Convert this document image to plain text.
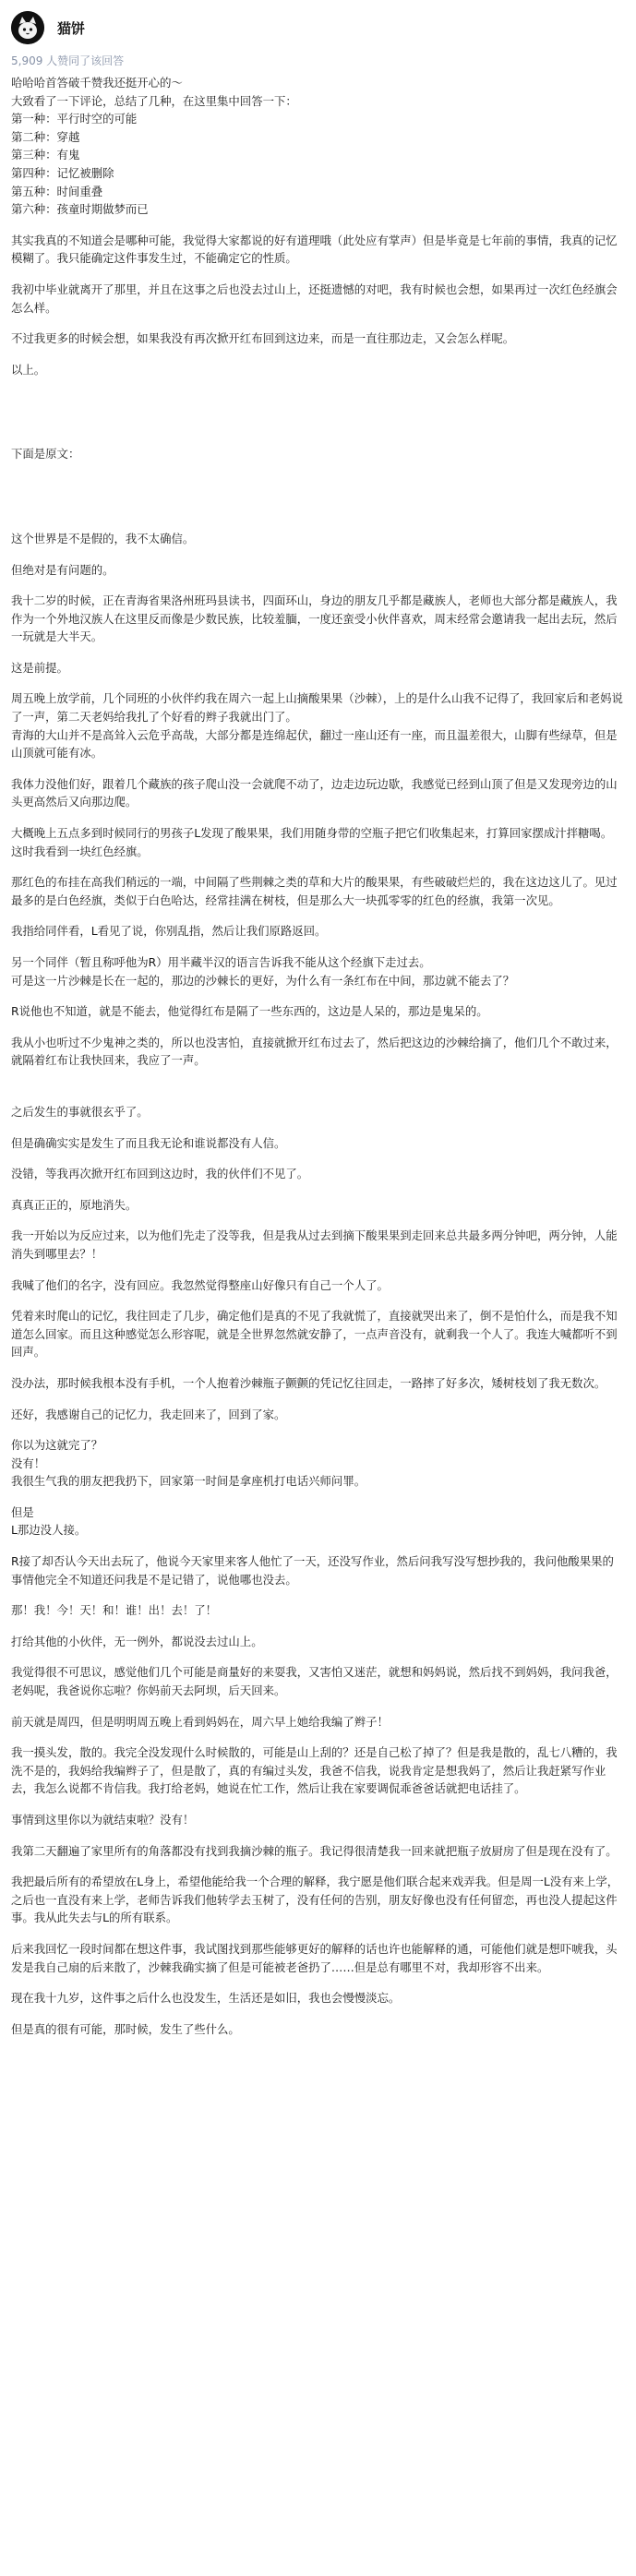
猫饼
5,909 人赞同了该回答

哈哈哈首答破千赞我还挺开心的～

大致看了一下评论，总结了几种，在这里集中回答一下：

第一种：平行时空的可能

第二种：穿越

第三种：有鬼

第四种：记忆被删除

第五种：时间重叠

第六种：孩童时期做梦而已

其实我真的不知道会是哪种可能，我觉得大家都说的好有道理哦（此处应有掌声）但是毕竟是七年前的事情，我真的记忆模糊了。我只能确定这件事发生过，不能确定它的性质。

我初中毕业就离开了那里，并且在这事之后也没去过山上，还挺遗憾的对吧，我有时候也会想，如果再过一次红色经旗会怎么样。

不过我更多的时候会想，如果我没有再次掀开红布回到这边来，而是一直往那边走，又会怎么样呢。

以上。

下面是原文：

这个世界是不是假的，我不太确信。

但绝对是有问题的。

我十二岁的时候，正在青海省果洛州班玛县读书，四面环山，身边的朋友几乎都是藏族人，老师也大部分都是藏族人，我作为一个外地汉族人在这里反而像是少数民族，比较羞腼，一度还蛮受小伙伴喜欢，周末经常会邀请我一起出去玩，然后一玩就是大半天。

这是前提。

周五晚上放学前，几个同班的小伙伴约我在周六一起上山摘酸果果（沙棘），上的是什么山我不记得了，我回家后和老妈说了一声，第二天老妈给我扎了个好看的辫子我就出门了。

青海的大山并不是高耸入云危乎高哉，大部分都是连绵起伏，翻过一座山还有一座，而且温差很大，山脚有些绿草，但是山顶就可能有冰。

我体力没他们好，跟着几个藏族的孩子爬山没一会就爬不动了，边走边玩边歇，我感觉已经到山顶了但是又发现旁边的山头更高然后又向那边爬。

大概晚上五点多到时候同行的男孩子L发现了酸果果，我们用随身带的空瓶子把它们收集起来，打算回家摆成汁拌糖喝。

这时我看到一块红色经旗。

那红色的布挂在高我们稍远的一端，中间隔了些荆棘之类的草和大片的酸果果，有些破破烂烂的，我在这边这儿了。见过最多的是白色经旗，类似于白色哈达，经常挂满在树枝，但是那么大一块孤零零的红色的经旗，我第一次见。

我指给同伴看，L看见了说，你别乱指，然后让我们原路返回。

另一个同伴（暂且称呼他为R）用半藏半汉的语言告诉我不能从这个经旗下走过去。

可是这一片沙棘是长在一起的，那边的沙棘长的更好，为什么有一条红布在中间，那边就不能去了？

R说他也不知道，就是不能去，他觉得红布是隔了一些东西的，这边是人呆的，那边是鬼呆的。

我从小也听过不少鬼神之类的，所以也没害怕，直接就掀开红布过去了，然后把这边的沙棘给摘了，他们几个不敢过来，就隔着红布让我快回来，我应了一声。

之后发生的事就很玄乎了。

但是确确实实是发生了而且我无论和谁说都没有人信。

没错，等我再次掀开红布回到这边时，我的伙伴们不见了。

真真正正的，原地消失。

我一开始以为反应过来，以为他们先走了没等我，但是我从过去到摘下酸果果到走回来总共最多两分钟吧，两分钟，人能消失到哪里去？！

我喊了他们的名字，没有回应。我忽然觉得整座山好像只有自己一个人了。

凭着来时爬山的记忆，我往回走了几步，确定他们是真的不见了我就慌了，直接就哭出来了，倒不是怕什么，而是我不知道怎么回家。而且这种感觉怎么形容呢，就是全世界忽然就安静了，一点声音没有，就剩我一个人了。我连大喊都听不到回声。

没办法，那时候我根本没有手机，一个人抱着沙棘瓶子颤颤的凭记忆往回走，一路摔了好多次，矮树枝划了我无数次。

还好，我感谢自己的记忆力，我走回来了，回到了家。

你以为这就完了？

没有！

我很生气我的朋友把我扔下，回家第一时间是拿座机打电话兴师问罪。

但是

L那边没人接。

R接了却否认今天出去玩了，他说今天家里来客人他忙了一天，还没写作业，然后问我写没写想抄我的，我问他酸果果的事情他完全不知道还问我是不是记错了，说他哪也没去。

那！我！今！天！和！谁！出！去！了！

打给其他的小伙伴，无一例外，都说没去过山上。

我觉得很不可思议，感觉他们几个可能是商量好的来耍我，又害怕又迷茫，就想和妈妈说，然后找不到妈妈，我问我爸，老妈呢，我爸说你忘啦？你妈前天去阿坝，后天回来。

前天就是周四，但是明明周五晚上看到妈妈在，周六早上她给我编了辫子！

我一摸头发，散的。我完全没发现什么时候散的，可能是山上刮的？还是自己松了掉了？但是我是散的，乱七八糟的，我洗不是的，我妈给我编辫子了，但是散了，真的有编过头发，我爸不信我，说我肯定是想我妈了，然后让我赶紧写作业去，我怎么说都不肯信我。我打给老妈，她说在忙工作，然后让我在家要调侃乖爸爸话就把电话挂了。

事情到这里你以为就结束啦？没有！

我第二天翻遍了家里所有的角落都没有找到我摘沙棘的瓶子。我记得很清楚我一回来就把瓶子放厨房了但是现在没有了。

我把最后所有的希望放在L身上，希望他能给我一个合理的解释，我宁愿是他们联合起来戏弄我。但是周一L没有来上学，之后也一直没有来上学，老师告诉我们他转学去玉树了，没有任何的告别，朋友好像也没有任何留恋，再也没人提起这件事。我从此失去与L的所有联系。

后来我回忆一段时间都在想这件事，我试图找到那些能够更好的解释的话也许也能解释的通，可能他们就是想吓唬我，头发是我自己扇的后来散了，沙棘我确实摘了但是可能被老爸扔了……但是总有哪里不对，我却形容不出来。

现在我十九岁，这件事之后什么也没发生，生活还是如旧，我也会慢慢淡忘。

但是真的很有可能，那时候，发生了些什么。
